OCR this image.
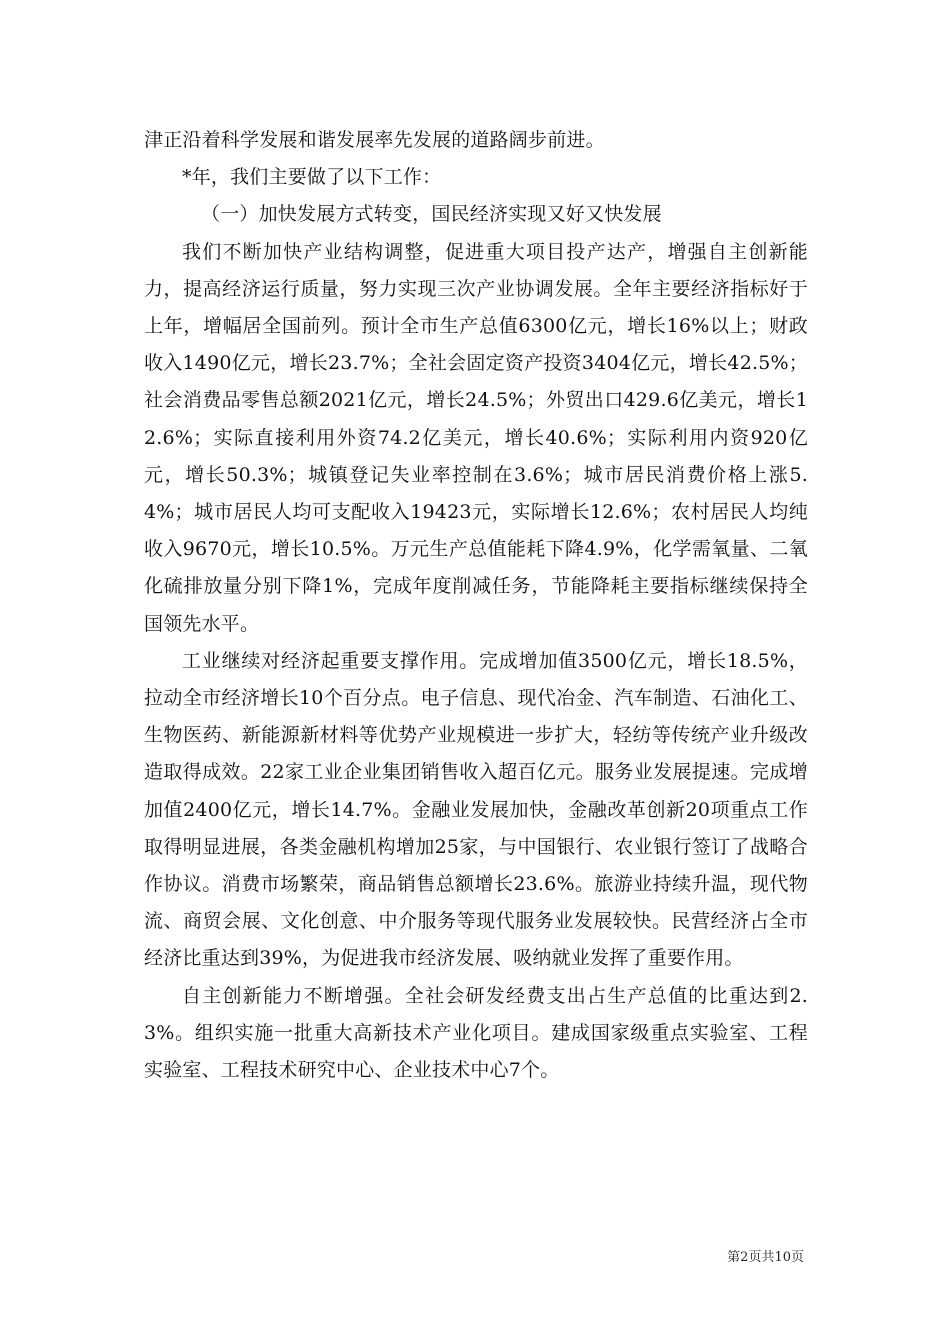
津正沿着科学发展和谐发展率先发展的道路阔步前进。

*年，我们主要做了以下工作：

（一）加快发展方式转变，国民经济实现又好又快发展

我们不断加快产业结构调整，促进重大项目投产达产，增强自主创新能力，提高经济运行质量，努力实现三次产业协调发展。全年主要经济指标好于上年，增幅居全国前列。预计全市生产总值6300亿元，增长16%以上；财政收入1490亿元，增长23.7%；全社会固定资产投资3404亿元，增长42.5%；社会消费品零售总额2021亿元，增长24.5%；外贸出口429.6亿美元，增长12.6%；实际直接利用外资74.2亿美元，增长40.6%；实际利用内资920亿元，增长50.3%；城镇登记失业率控制在3.6%；城市居民消费价格上涨5.4%；城市居民人均可支配收入19423元，实际增长12.6%；农村居民人均纯收入9670元，增长10.5%。万元生产总值能耗下降4.9%，化学需氧量、二氧化硫排放量分别下降1%，完成年度削减任务，节能降耗主要指标继续保持全国领先水平。

工业继续对经济起重要支撑作用。完成增加值3500亿元，增长18.5%，拉动全市经济增长10个百分点。电子信息、现代冶金、汽车制造、石油化工、生物医药、新能源新材料等优势产业规模进一步扩大，轻纺等传统产业升级改造取得成效。22家工业企业集团销售收入超百亿元。服务业发展提速。完成增加值2400亿元，增长14.7%。金融业发展加快，金融改革创新20项重点工作取得明显进展，各类金融机构增加25家，与中国银行、农业银行签订了战略合作协议。消费市场繁荣，商品销售总额增长23.6%。旅游业持续升温，现代物流、商贸会展、文化创意、中介服务等现代服务业发展较快。民营经济占全市经济比重达到39%，为促进我市经济发展、吸纳就业发挥了重要作用。

自主创新能力不断增强。全社会研发经费支出占生产总值的比重达到2.3%。组织实施一批重大高新技术产业化项目。建成国家级重点实验室、工程实验室、工程技术研究中心、企业技术中心7个。

第2页共10页
